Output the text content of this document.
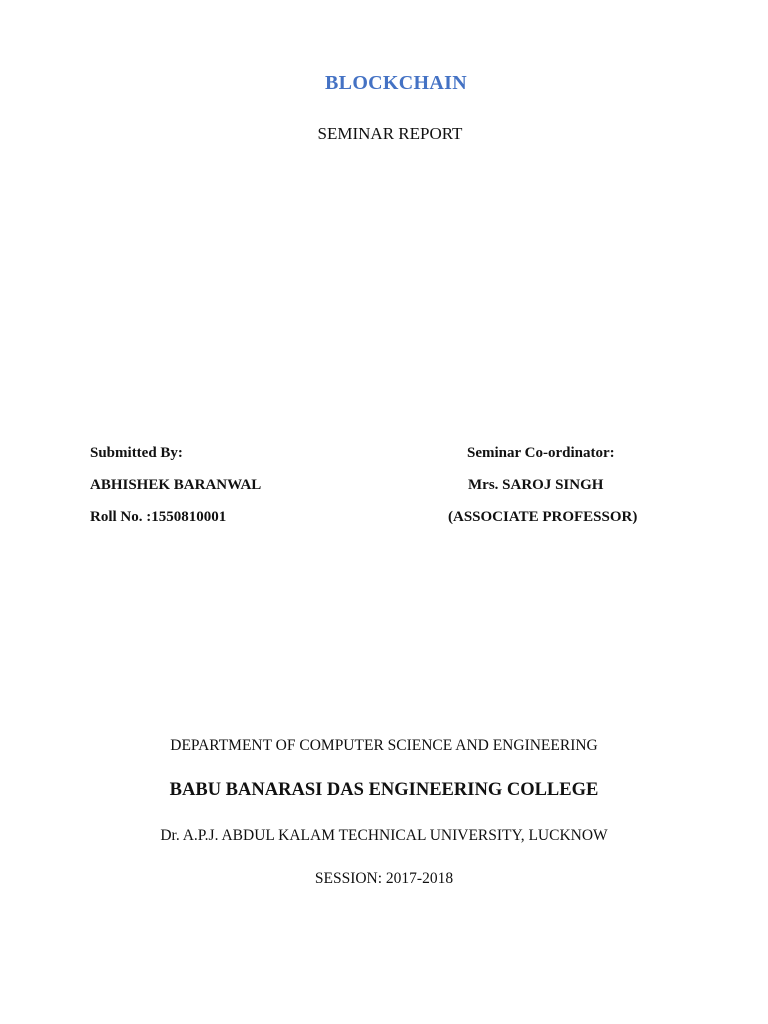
BLOCKCHAIN
SEMINAR REPORT
Submitted By:
ABHISHEK BARANWAL
Roll No. :1550810001
Seminar Co-ordinator:
Mrs. SAROJ SINGH
(ASSOCIATE PROFESSOR)
DEPARTMENT OF COMPUTER SCIENCE AND ENGINEERING
BABU BANARASI DAS ENGINEERING COLLEGE
Dr. A.P.J. ABDUL KALAM TECHNICAL UNIVERSITY, LUCKNOW
SESSION: 2017-2018
